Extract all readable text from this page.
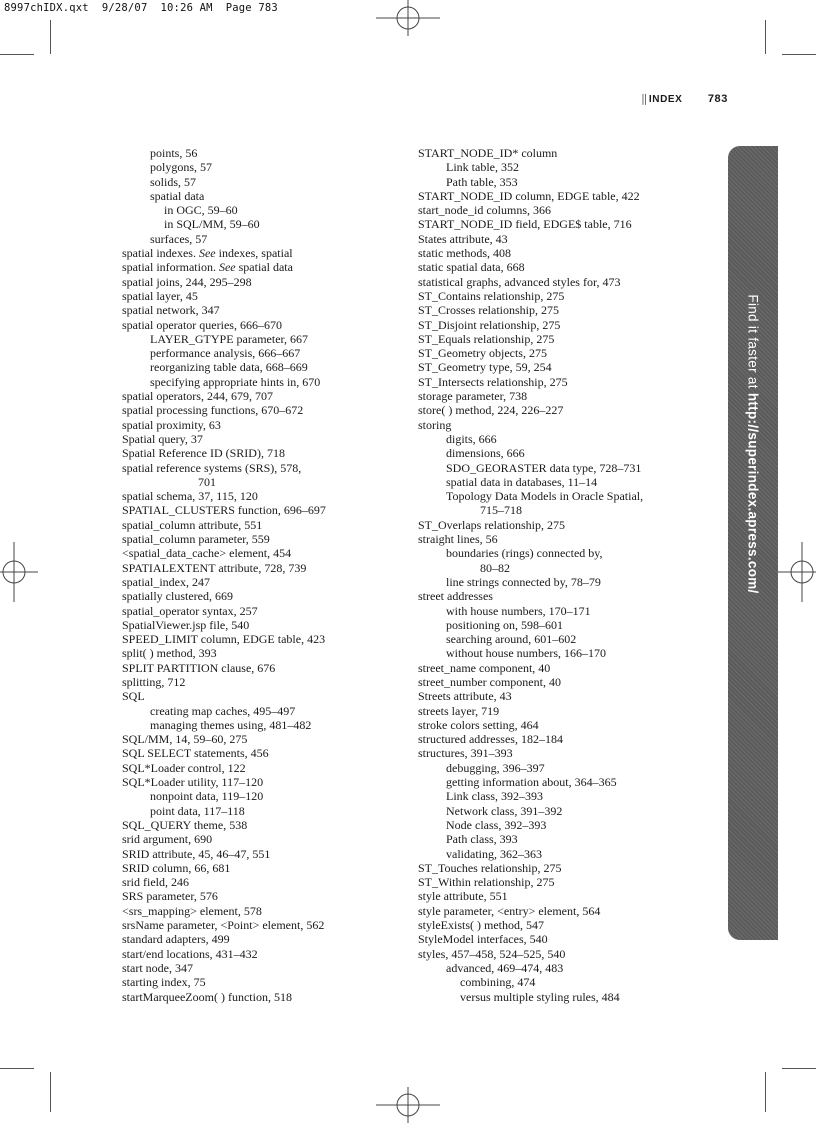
8997chIDX.qxt  9/28/07  10:26 AM  Page 783
││ INDEX 783
points, 56
polygons, 57
solids, 57
spatial data
in OGC, 59–60
in SQL/MM, 59–60
surfaces, 57
spatial indexes. See indexes, spatial
spatial information. See spatial data
spatial joins, 244, 295–298
spatial layer, 45
spatial network, 347
spatial operator queries, 666–670
LAYER_GTYPE parameter, 667
performance analysis, 666–667
reorganizing table data, 668–669
specifying appropriate hints in, 670
spatial operators, 244, 679, 707
spatial processing functions, 670–672
spatial proximity, 63
Spatial query, 37
Spatial Reference ID (SRID), 718
spatial reference systems (SRS), 578,
701
spatial schema, 37, 115, 120
SPATIAL_CLUSTERS function, 696–697
spatial_column attribute, 551
spatial_column parameter, 559
<spatial_data_cache> element, 454
SPATIALEXTENT attribute, 728, 739
spatial_index, 247
spatially clustered, 669
spatial_operator syntax, 257
SpatialViewer.jsp file, 540
SPEED_LIMIT column, EDGE table, 423
split( ) method, 393
SPLIT PARTITION clause, 676
splitting, 712
SQL
creating map caches, 495–497
managing themes using, 481–482
SQL/MM, 14, 59–60, 275
SQL SELECT statements, 456
SQL*Loader control, 122
SQL*Loader utility, 117–120
nonpoint data, 119–120
point data, 117–118
SQL_QUERY theme, 538
srid argument, 690
SRID attribute, 45, 46–47, 551
SRID column, 66, 681
srid field, 246
SRS parameter, 576
<srs_mapping> element, 578
srsName parameter, <Point> element, 562
standard adapters, 499
start/end locations, 431–432
start node, 347
starting index, 75
startMarqueeZoom( ) function, 518
START_NODE_ID* column
Link table, 352
Path table, 353
START_NODE_ID column, EDGE table, 422
start_node_id columns, 366
START_NODE_ID field, EDGE$ table, 716
States attribute, 43
static methods, 408
static spatial data, 668
statistical graphs, advanced styles for, 473
ST_Contains relationship, 275
ST_Crosses relationship, 275
ST_Disjoint relationship, 275
ST_Equals relationship, 275
ST_Geometry objects, 275
ST_Geometry type, 59, 254
ST_Intersects relationship, 275
storage parameter, 738
store( ) method, 224, 226–227
storing
digits, 666
dimensions, 666
SDO_GEORASTER data type, 728–731
spatial data in databases, 11–14
Topology Data Models in Oracle Spatial,
715–718
ST_Overlaps relationship, 275
straight lines, 56
boundaries (rings) connected by,
80–82
line strings connected by, 78–79
street addresses
with house numbers, 170–171
positioning on, 598–601
searching around, 601–602
without house numbers, 166–170
street_name component, 40
street_number component, 40
Streets attribute, 43
streets layer, 719
stroke colors setting, 464
structured addresses, 182–184
structures, 391–393
debugging, 396–397
getting information about, 364–365
Link class, 392–393
Network class, 391–392
Node class, 392–393
Path class, 393
validating, 362–363
ST_Touches relationship, 275
ST_Within relationship, 275
style attribute, 551
style parameter, <entry> element, 564
styleExists( ) method, 547
StyleModel interfaces, 540
styles, 457–458, 524–525, 540
advanced, 469–474, 483
combining, 474
versus multiple styling rules, 484
Find it faster at http://superindex.apress.com/
